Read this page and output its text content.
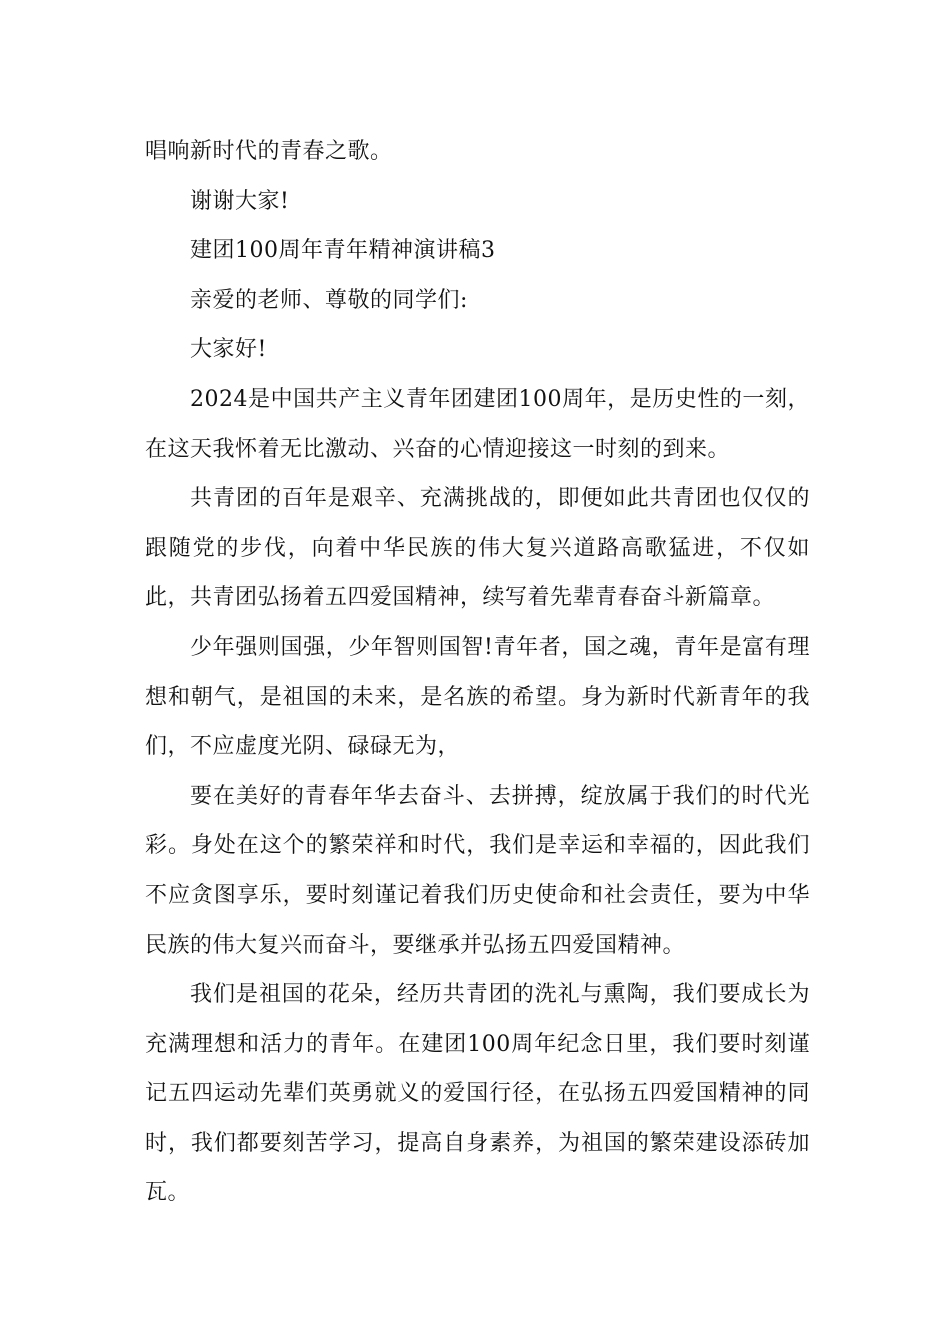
唱响新时代的青春之歌。

谢谢大家!

建团100周年青年精神演讲稿3

亲爱的老师、尊敬的同学们:

大家好!

2024是中国共产主义青年团建团100周年，是历史性的一刻，在这天我怀着无比激动、兴奋的心情迎接这一时刻的到来。

共青团的百年是艰辛、充满挑战的，即便如此共青团也仅仅的跟随党的步伐，向着中华民族的伟大复兴道路高歌猛进，不仅如此，共青团弘扬着五四爱国精神，续写着先辈青春奋斗新篇章。

少年强则国强，少年智则国智!青年者，国之魂，青年是富有理想和朝气，是祖国的未来，是名族的希望。身为新时代新青年的我们，不应虚度光阴、碌碌无为，

要在美好的青春年华去奋斗、去拼搏，绽放属于我们的时代光彩。身处在这个的繁荣祥和时代，我们是幸运和幸福的，因此我们不应贪图享乐，要时刻谨记着我们历史使命和社会责任，要为中华民族的伟大复兴而奋斗，要继承并弘扬五四爱国精神。

我们是祖国的花朵，经历共青团的洗礼与熏陶，我们要成长为充满理想和活力的青年。在建团100周年纪念日里，我们要时刻谨记五四运动先辈们英勇就义的爱国行径，在弘扬五四爱国精神的同时，我们都要刻苦学习，提高自身素养，为祖国的繁荣建设添砖加瓦。
